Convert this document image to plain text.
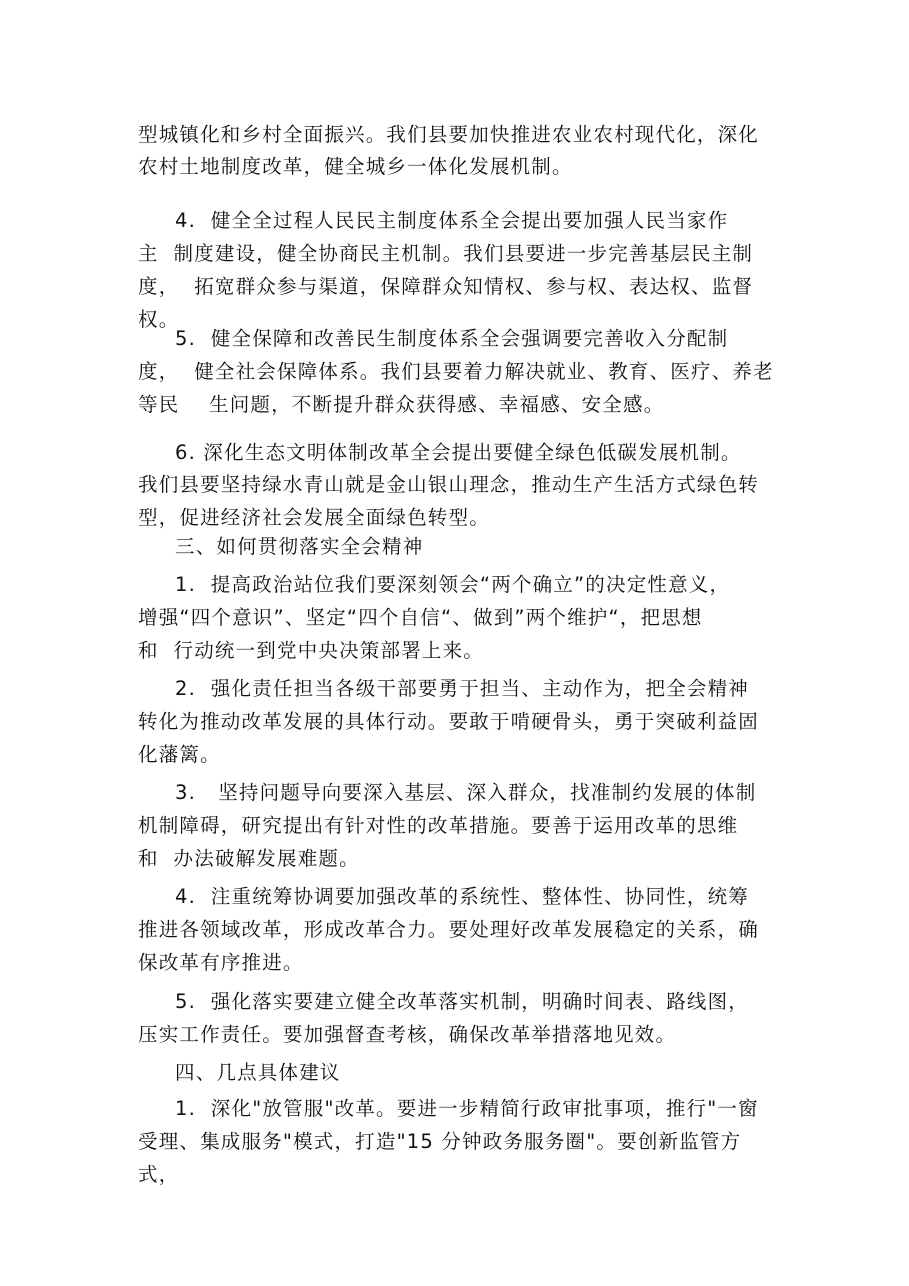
型城镇化和乡村全面振兴。我们县要加快推进农业农村现代化，深化
农村土地制度改革，健全城乡一体化发展机制。
4.  健全全过程人民民主制度体系全会提出要加强人民当家作
主  制度建设，健全协商民主机制。我们县要进一步完善基层民主制
度，  拓宽群众参与渠道，保障群众知情权、参与权、表达权、监督
权。
5.  健全保障和改善民生制度体系全会强调要完善收入分配制
度，  健全社会保障体系。我们县要着力解决就业、教育、医疗、养老
等民    生问题，不断提升群众获得感、幸福感、安全感。
6. 深化生态文明体制改革全会提出要健全绿色低碳发展机制。
我们县要坚持绿水青山就是金山银山理念，推动生产生活方式绿色转
型，促进经济社会发展全面绿色转型。
三、如何贯彻落实全会精神
1.  提高政治站位我们要深刻领会“两个确立”的决定性意义，
增强“四个意识”、坚定“四个自信“、做到”两个维护“，把思想
和  行动统一到党中央决策部署上来。
2.  强化责任担当各级干部要勇于担当、主动作为，把全会精神
转化为推动改革发展的具体行动。要敢于啃硬骨头，勇于突破利益固
化藩篱。
3.   坚持问题导向要深入基层、深入群众，找准制约发展的体制
机制障碍，研究提出有针对性的改革措施。要善于运用改革的思维
和  办法破解发展难题。
4.  注重统筹协调要加强改革的系统性、整体性、协同性，统筹
推进各领域改革，形成改革合力。要处理好改革发展稳定的关系，确
保改革有序推进。
5.  强化落实要建立健全改革落实机制，明确时间表、路线图，
压实工作责任。要加强督查考核，确保改革举措落地见效。
四、几点具体建议
1.  深化"放管服"改革。要进一步精简行政审批事项，推行"一窗
受理、集成服务"模式，打造"15 分钟政务服务圈"。要创新监管方
式，
